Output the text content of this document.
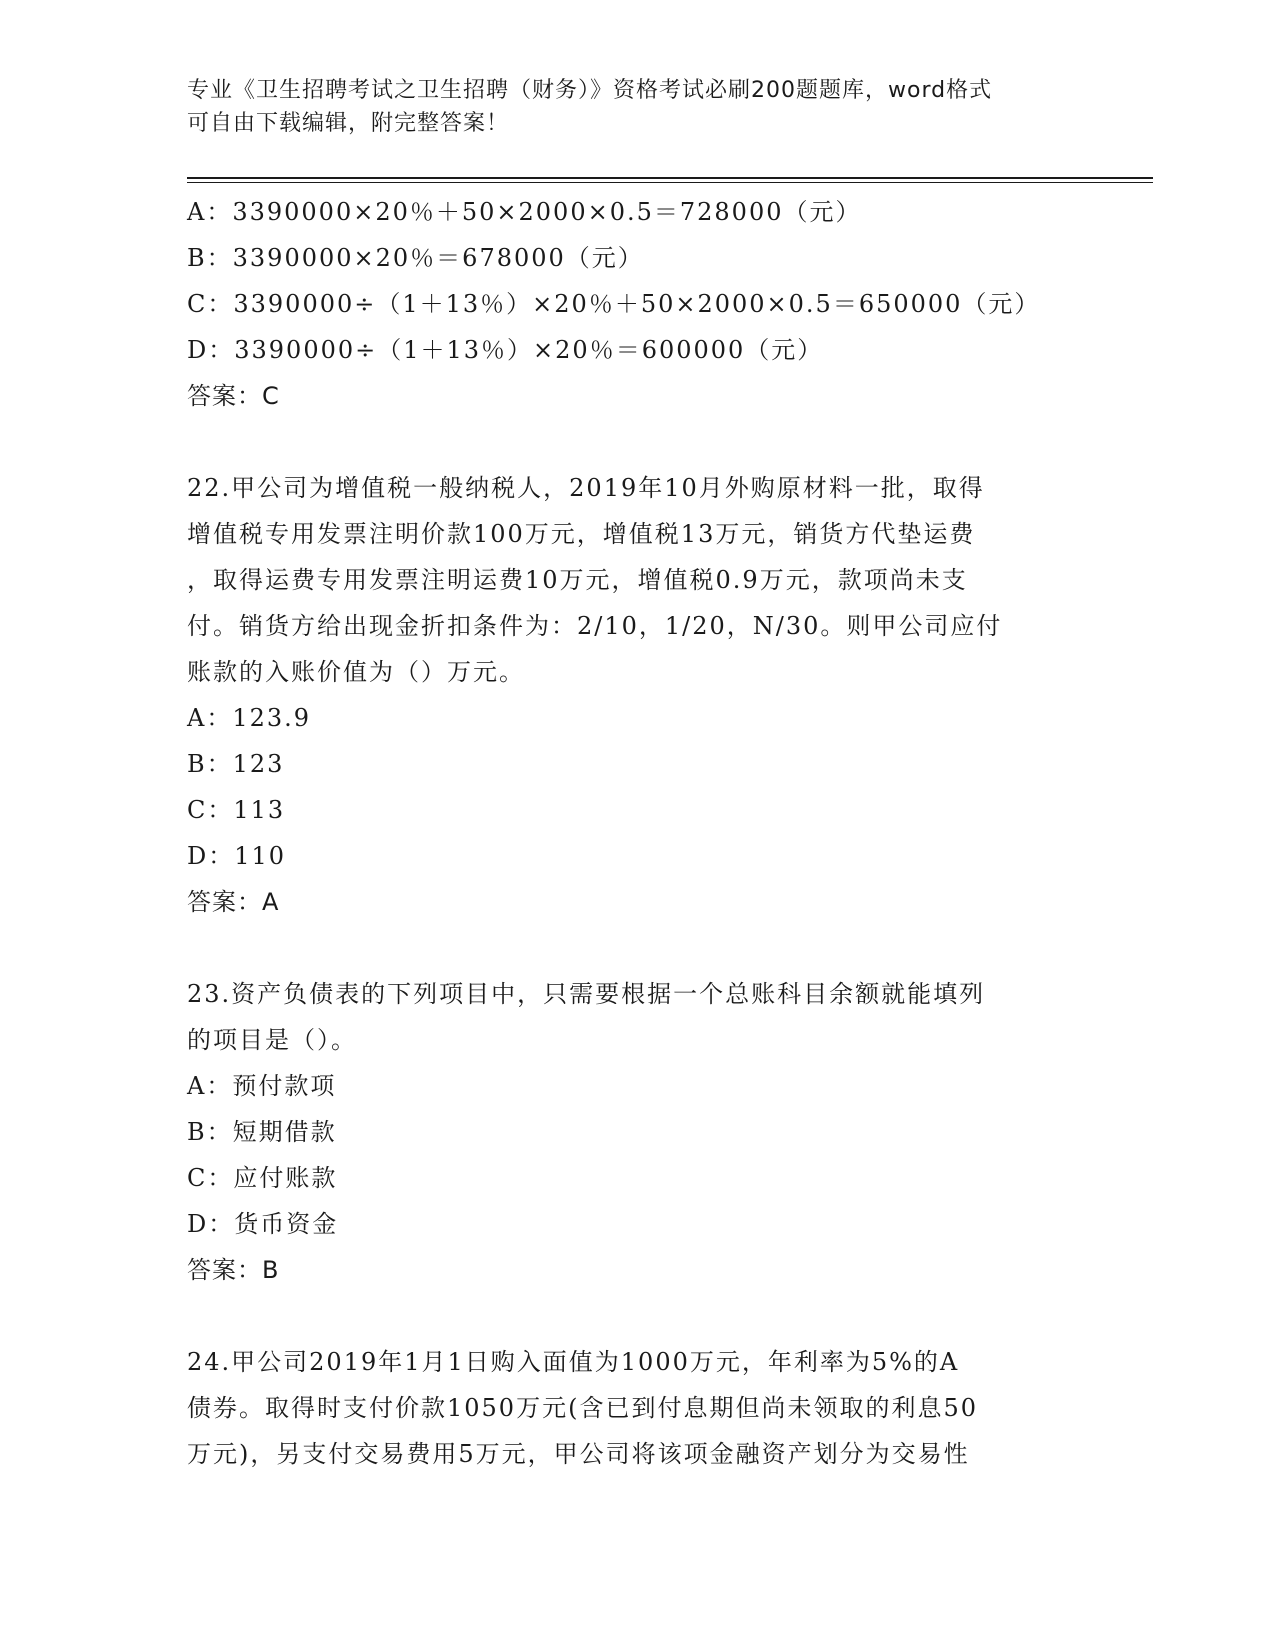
专业《卫生招聘考试之卫生招聘（财务）》资格考试必刷200题题库，word格式
可自由下载编辑，附完整答案！
A：3390000×20％＋50×2000×0.5＝728000（元）
B：3390000×20％＝678000（元）
C：3390000÷（1＋13％）×20％＋50×2000×0.5＝650000（元）
D：3390000÷（1＋13％）×20％＝600000（元）
答案：C
22.甲公司为增值税一般纳税人，2019年10月外购原材料一批，取得
增值税专用发票注明价款100万元，增值税13万元，销货方代垫运费
，取得运费专用发票注明运费10万元，增值税0.9万元，款项尚未支
付。销货方给出现金折扣条件为：2/10，1/20，N/30。则甲公司应付
账款的入账价值为（）万元。
A：123.9
B：123
C：113
D：110
答案：A
23.资产负债表的下列项目中，只需要根据一个总账科目余额就能填列
的项目是（）。
A：预付款项
B：短期借款
C：应付账款
D：货币资金
答案：B
24.甲公司2019年1月1日购入面值为1000万元，年利率为5%的A
债券。取得时支付价款1050万元(含已到付息期但尚未领取的利息50
万元)，另支付交易费用5万元，甲公司将该项金融资产划分为交易性
